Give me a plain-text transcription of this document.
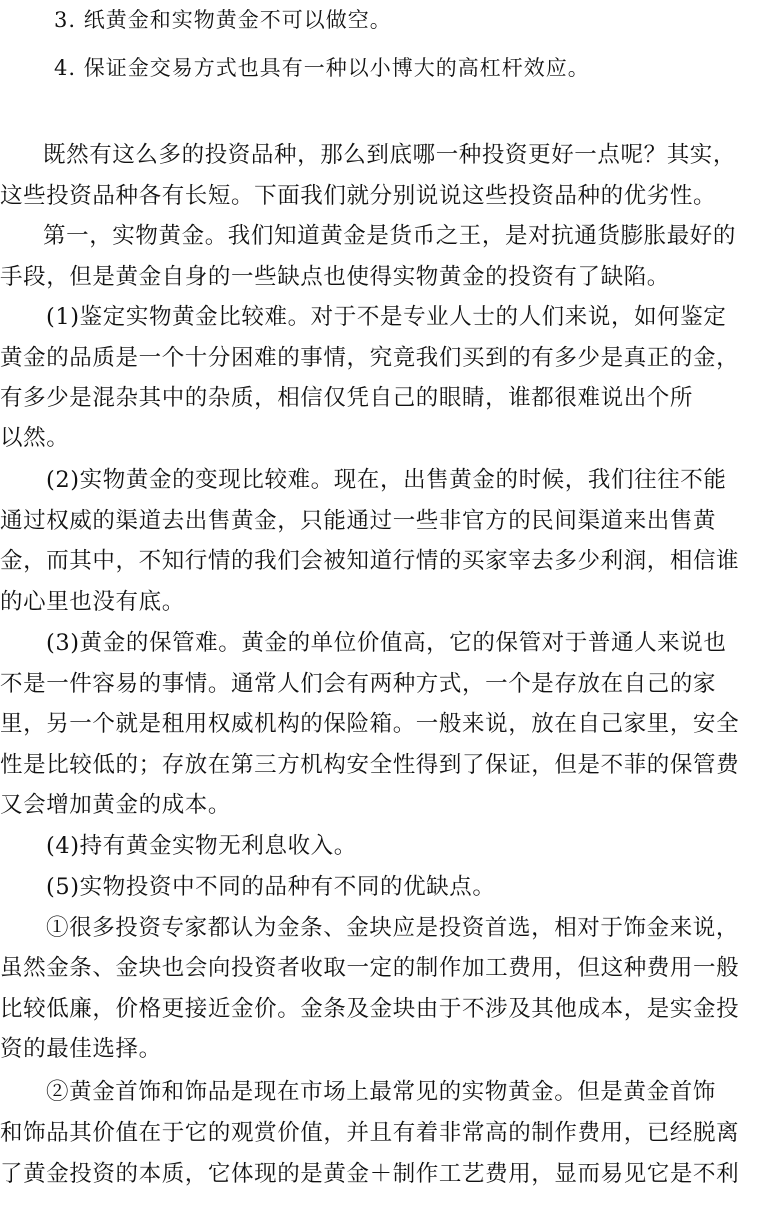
3. 纸黄金和实物黄金不可以做空。
4. 保证金交易方式也具有一种以小博大的高杠杆效应。
既然有这么多的投资品种，那么到底哪一种投资更好一点呢？其实，
这些投资品种各有长短。下面我们就分别说说这些投资品种的优劣性。
第一，实物黄金。我们知道黄金是货币之王，是对抗通货膨胀最好的
手段，但是黄金自身的一些缺点也使得实物黄金的投资有了缺陷。
(1)鉴定实物黄金比较难。对于不是专业人士的人们来说，如何鉴定
黄金的品质是一个十分困难的事情，究竟我们买到的有多少是真正的金，
有多少是混杂其中的杂质，相信仅凭自己的眼睛，谁都很难说出个所
以然。
(2)实物黄金的变现比较难。现在，出售黄金的时候，我们往往不能
通过权威的渠道去出售黄金，只能通过一些非官方的民间渠道来出售黄
金，而其中，不知行情的我们会被知道行情的买家宰去多少利润，相信谁
的心里也没有底。
(3)黄金的保管难。黄金的单位价值高，它的保管对于普通人来说也
不是一件容易的事情。通常人们会有两种方式，一个是存放在自己的家
里，另一个就是租用权威机构的保险箱。一般来说，放在自己家里，安全
性是比较低的；存放在第三方机构安全性得到了保证，但是不菲的保管费
又会增加黄金的成本。
(4)持有黄金实物无利息收入。
(5)实物投资中不同的品种有不同的优缺点。
①很多投资专家都认为金条、金块应是投资首选，相对于饰金来说，
虽然金条、金块也会向投资者收取一定的制作加工费用，但这种费用一般
比较低廉，价格更接近金价。金条及金块由于不涉及其他成本，是实金投
资的最佳选择。
②黄金首饰和饰品是现在市场上最常见的实物黄金。但是黄金首饰
和饰品其价值在于它的观赏价值，并且有着非常高的制作费用，已经脱离
了黄金投资的本质，它体现的是黄金＋制作工艺费用，显而易见它是不利
